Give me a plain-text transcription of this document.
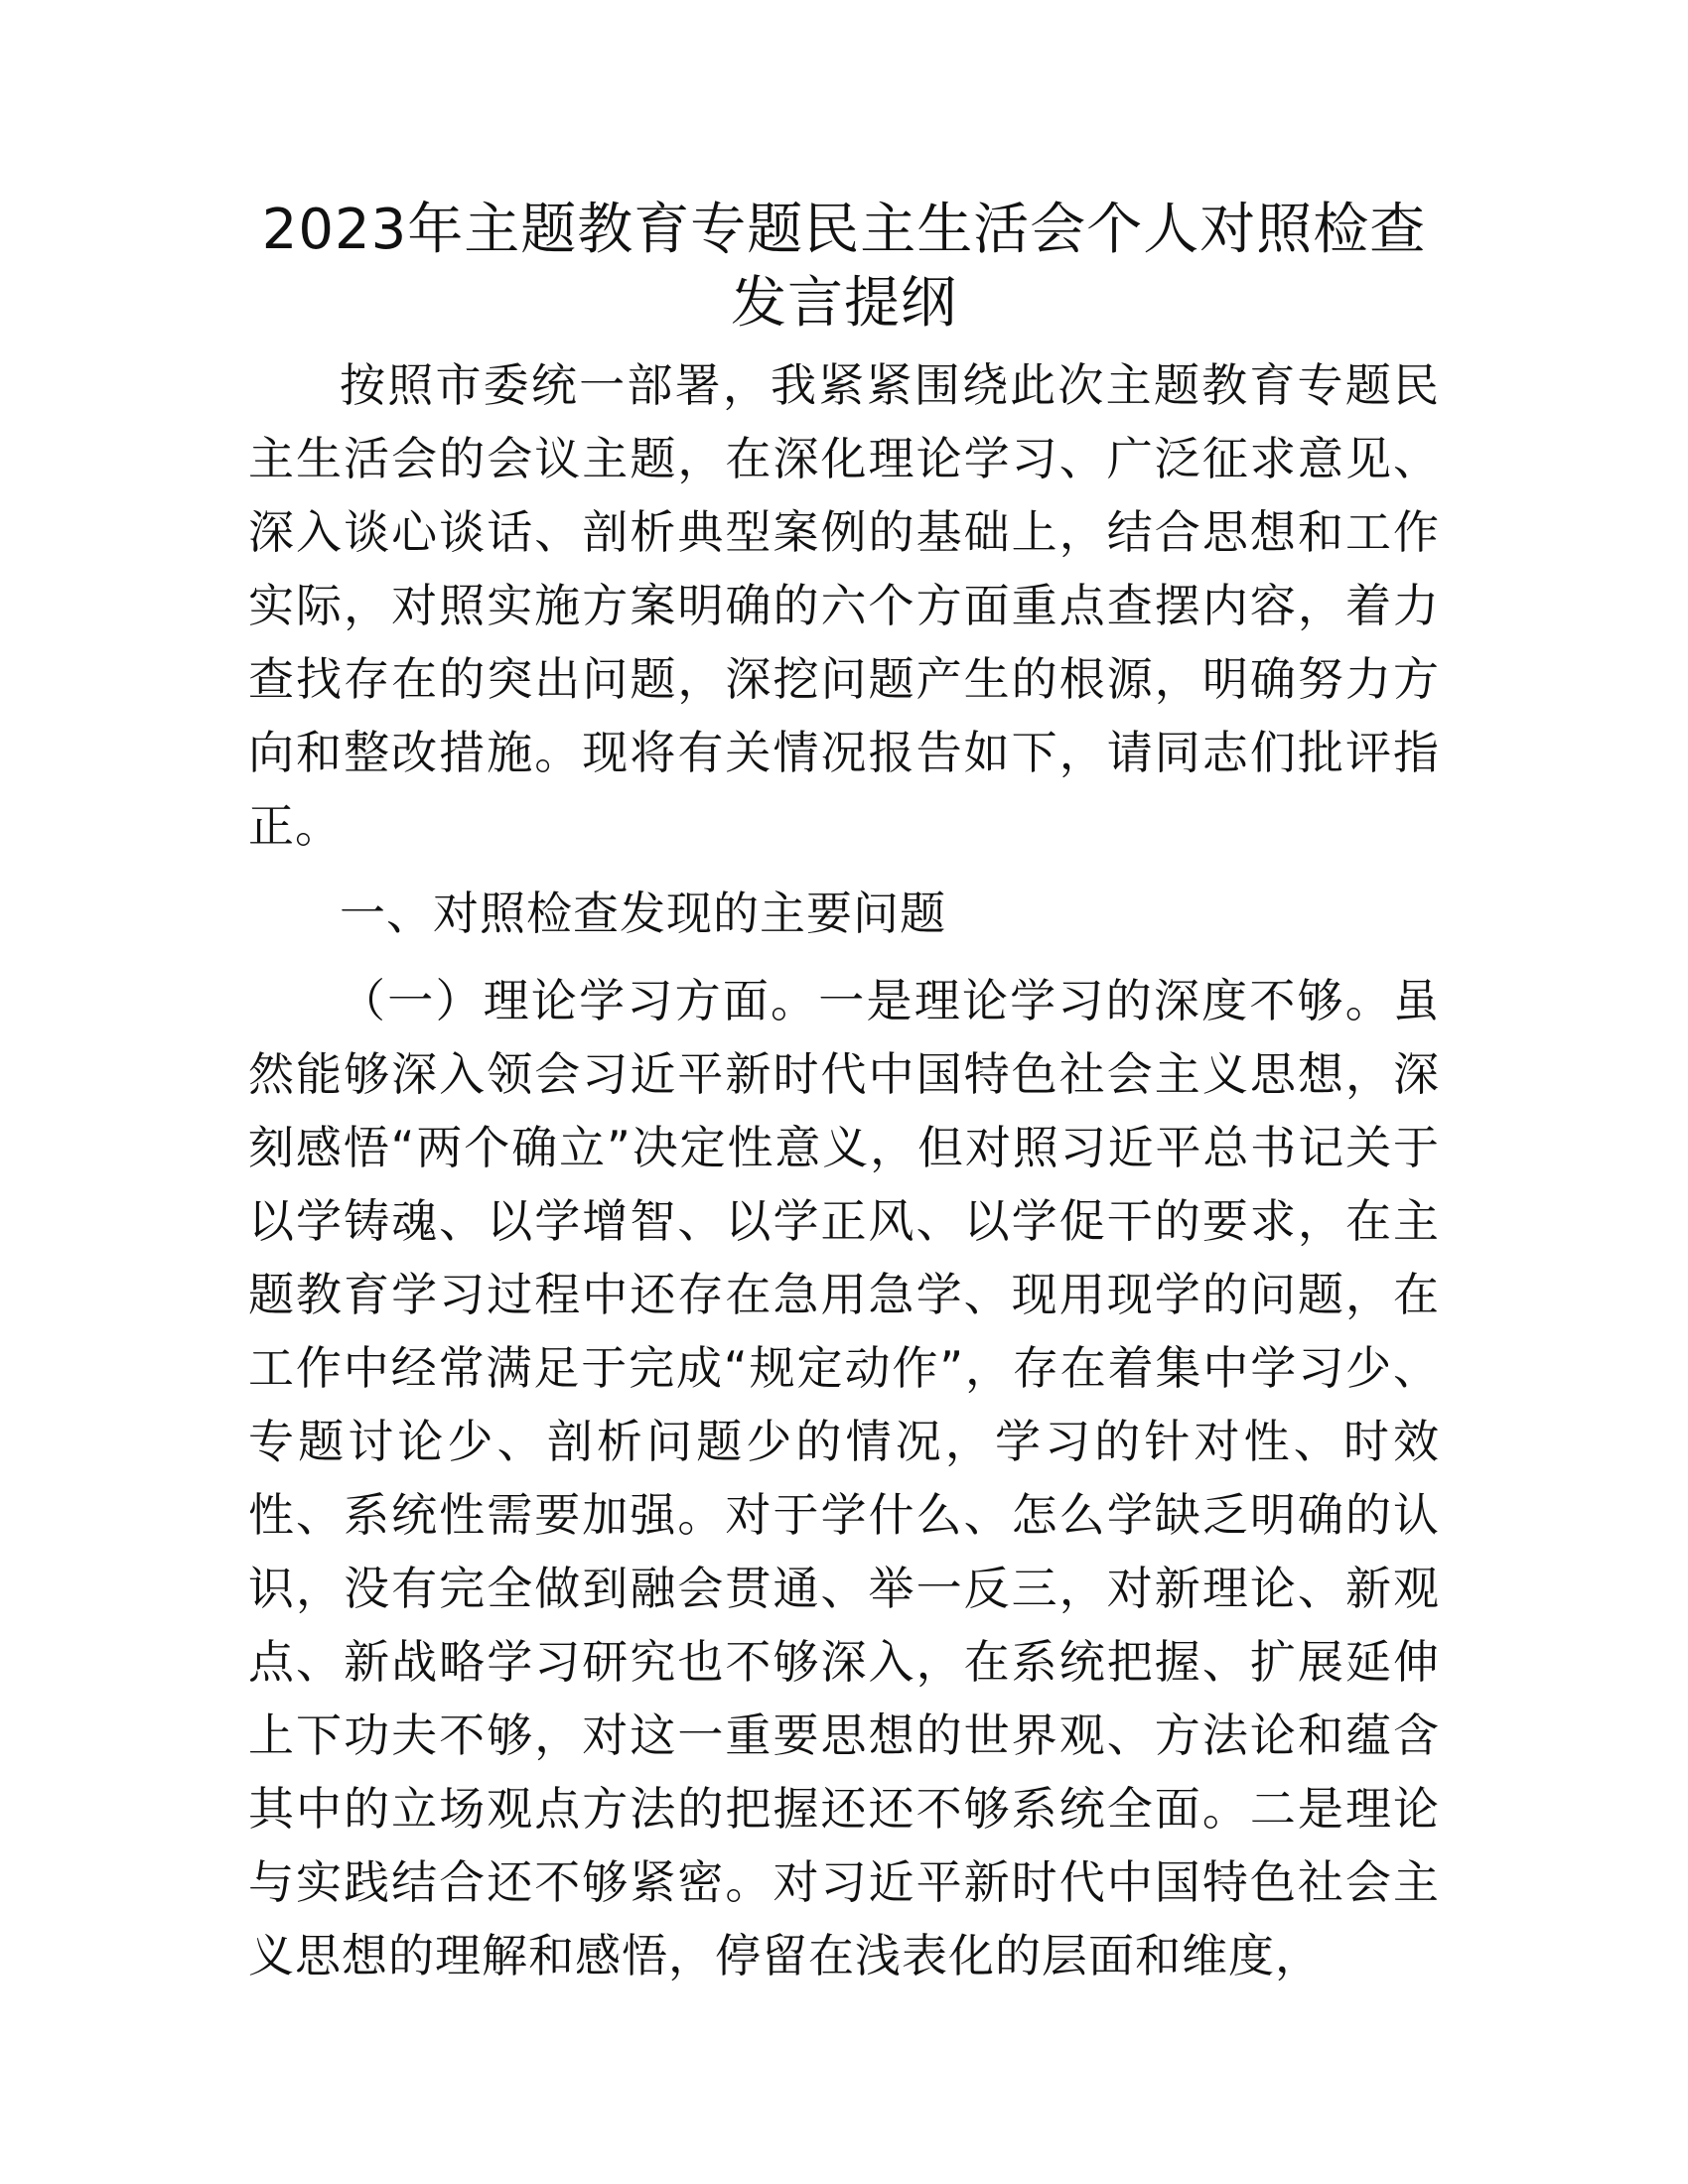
2023年主题教育专题民主生活会个人对照检查
发言提纲

按照市委统一部署，我紧紧围绕此次主题教育专题民主生活会的会议主题，在深化理论学习、广泛征求意见、深入谈心谈话、剖析典型案例的基础上，结合思想和工作实际，对照实施方案明确的六个方面重点查摆内容，着力查找存在的突出问题，深挖问题产生的根源，明确努力方向和整改措施。现将有关情况报告如下，请同志们批评指正。

一、对照检查发现的主要问题

（一）理论学习方面。一是理论学习的深度不够。虽然能够深入领会习近平新时代中国特色社会主义思想，深刻感悟“两个确立”决定性意义，但对照习近平总书记关于以学铸魂、以学增智、以学正风、以学促干的要求，在主题教育学习过程中还存在急用急学、现用现学的问题，在工作中经常满足于完成“规定动作”，存在着集中学习少、专题讨论少、剖析问题少的情况，学习的针对性、时效性、系统性需要加强。对于学什么、怎么学缺乏明确的认识，没有完全做到融会贯通、举一反三，对新理论、新观点、新战略学习研究也不够深入，在系统把握、扩展延伸上下功夫不够，对这一重要思想的世界观、方法论和蕴含其中的立场观点方法的把握还还不够系统全面。二是理论与实践结合还不够紧密。对习近平新时代中国特色社会主义思想的理解和感悟，停留在浅表化的层面和维度，
